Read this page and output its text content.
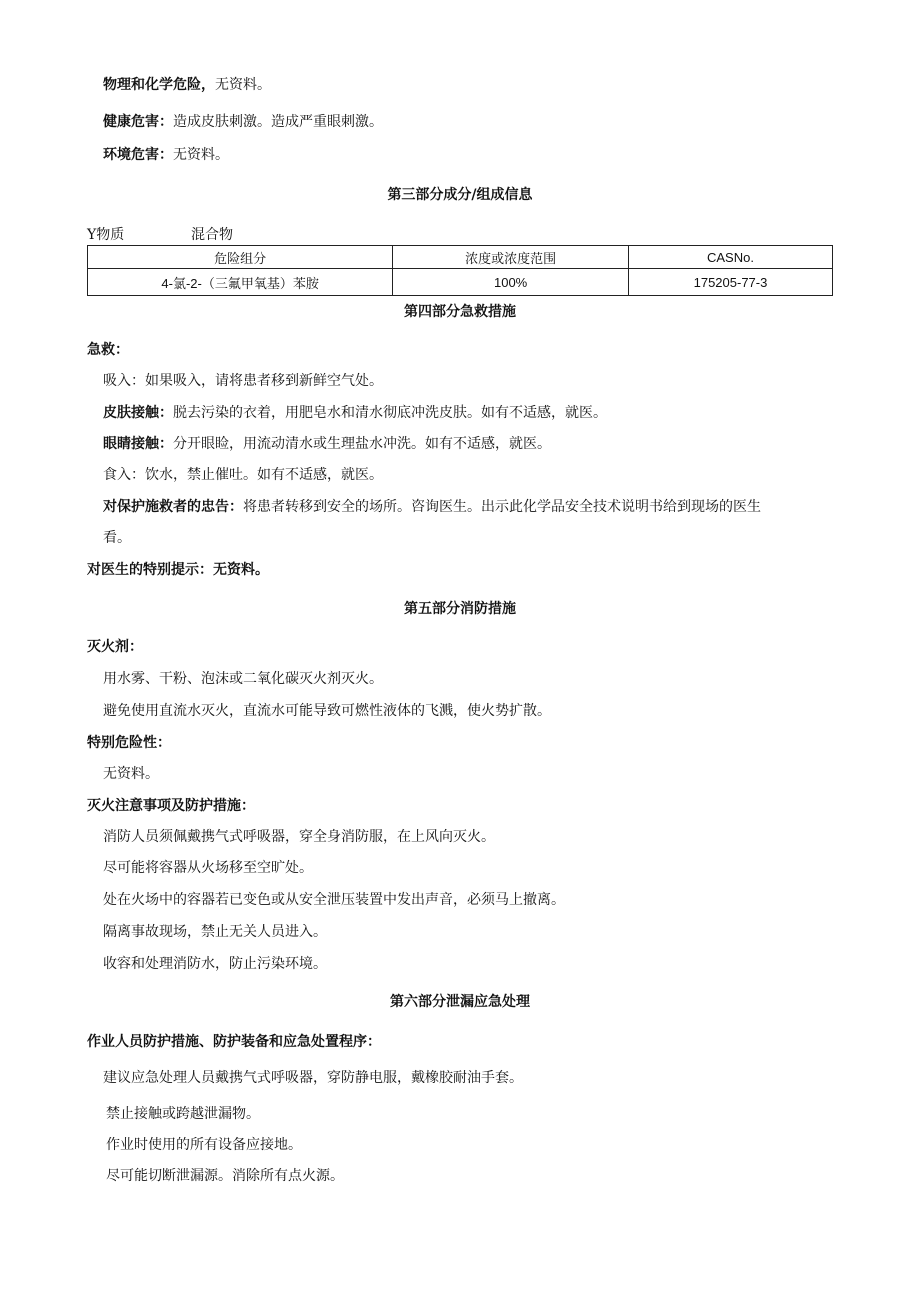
物理和化学危险，无资料。
健康危害：造成皮肤刺激。造成严重眼刺激。
环境危害：无资料。
第三部分成分/组成信息
Y物质	混合物
危险组分	浓度或浓度范围	CASNo.
4-氯-2-（三氟甲氧基）苯胺	100%	175205-77-3
第四部分急救措施
急救：
吸入：如果吸入，请将患者移到新鲜空气处。
皮肤接触：脱去污染的衣着，用肥皂水和清水彻底冲洗皮肤。如有不适感，就医。
眼睛接触：分开眼睑，用流动清水或生理盐水冲洗。如有不适感，就医。
食入：饮水，禁止催吐。如有不适感，就医。
对保护施救者的忠告：将患者转移到安全的场所。咨询医生。出示此化学品安全技术说明书给到现场的医生
看。
对医生的特别提示：无资料。
第五部分消防措施
灭火剂：
用水雾、干粉、泡沫或二氧化碳灭火剂灭火。
避免使用直流水灭火，直流水可能导致可燃性液体的飞溅，使火势扩散。
特别危险性：
无资料。
灭火注意事项及防护措施：
消防人员须佩戴携气式呼吸器，穿全身消防服，在上风向灭火。
尽可能将容器从火场移至空旷处。
处在火场中的容器若已变色或从安全泄压装置中发出声音，必须马上撤离。
隔离事故现场，禁止无关人员进入。
收容和处理消防水，防止污染环境。
第六部分泄漏应急处理
作业人员防护措施、防护装备和应急处置程序：
建议应急处理人员戴携气式呼吸器，穿防静电服，戴橡胶耐油手套。
禁止接触或跨越泄漏物。
作业时使用的所有设备应接地。
尽可能切断泄漏源。消除所有点火源。
